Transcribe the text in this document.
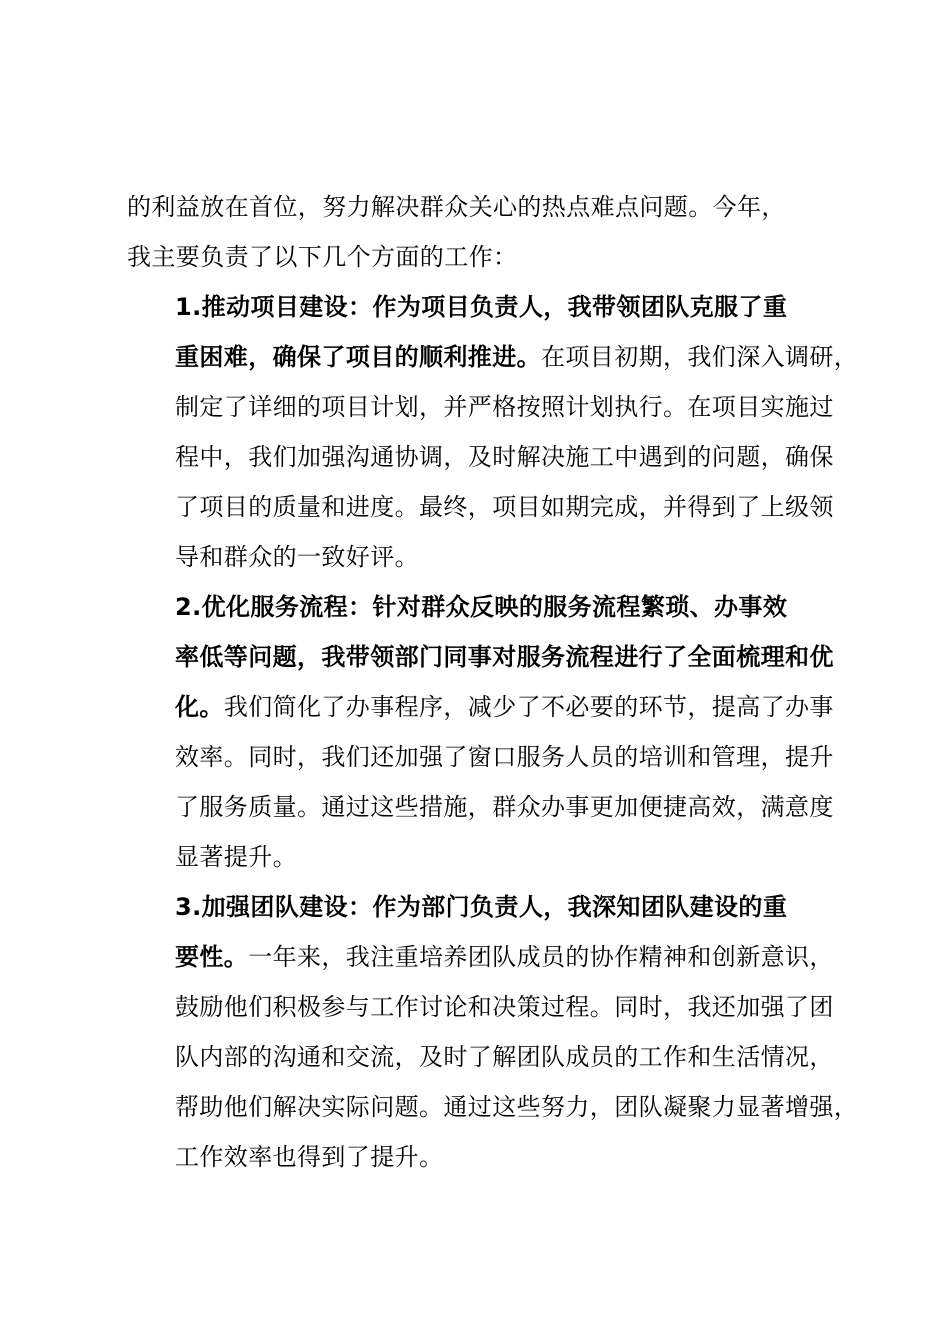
的利益放在首位，努力解决群众关心的热点难点问题。今年，
我主要负责了以下几个方面的工作：

1.推动项目建设：作为项目负责人，我带领团队克服了重
重困难，确保了项目的顺利推进。在项目初期，我们深入调研，
制定了详细的项目计划，并严格按照计划执行。在项目实施过
程中，我们加强沟通协调，及时解决施工中遇到的问题，确保
了项目的质量和进度。最终，项目如期完成，并得到了上级领
导和群众的一致好评。

2.优化服务流程：针对群众反映的服务流程繁琐、办事效
率低等问题，我带领部门同事对服务流程进行了全面梳理和优
化。我们简化了办事程序，减少了不必要的环节，提高了办事
效率。同时，我们还加强了窗口服务人员的培训和管理，提升
了服务质量。通过这些措施，群众办事更加便捷高效，满意度
显著提升。

3.加强团队建设：作为部门负责人，我深知团队建设的重
要性。一年来，我注重培养团队成员的协作精神和创新意识，
鼓励他们积极参与工作讨论和决策过程。同时，我还加强了团
队内部的沟通和交流，及时了解团队成员的工作和生活情况，
帮助他们解决实际问题。通过这些努力，团队凝聚力显著增强，
工作效率也得到了提升。
